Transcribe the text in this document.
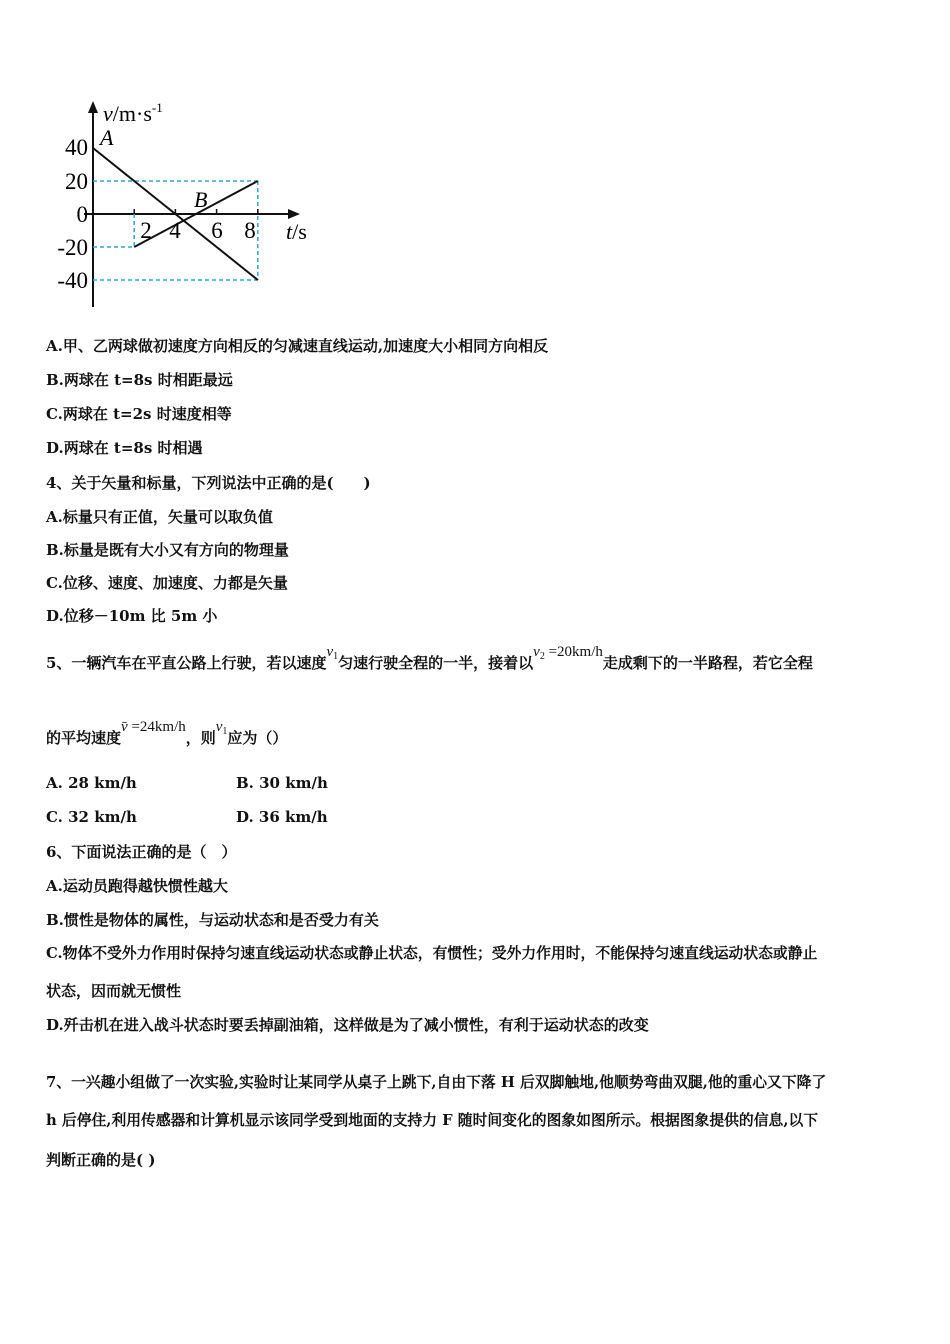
$v/m\cdot s^{-1}$
t/s
40
20
0
-20
-40
2 4 6 8
A
B
A.甲、乙两球做初速度方向相反的匀减速直线运动,加速度大小相同方向相反
B.两球在 t=8s 时相距最远
C.两球在 t=2s 时速度相等
D.两球在 t=8s 时相遇
4、关于矢量和标量，下列说法中正确的是(　　)
A.标量只有正值，矢量可以取负值
B.标量是既有大小又有方向的物理量
C.位移、速度、加速度、力都是矢量
D.位移－10m 比 5m 小
5、一辆汽车在平直公路上行驶，若以速度$v_1$匀速行驶全程的一半，接着以$v_2 =20km/h$走成剩下的一半路程，若它全程
的平均速度v̄ =24km/h，则$v_1$应为（）
A. 28 km/h	B. 30 km/h
C. 32 km/h	D. 36 km/h
6、下面说法正确的是（　）
A.运动员跑得越快惯性越大
B.惯性是物体的属性，与运动状态和是否受力有关
C.物体不受外力作用时保持匀速直线运动状态或静止状态，有惯性；受外力作用时，不能保持匀速直线运动状态或静止
状态，因而就无惯性
D.歼击机在进入战斗状态时要丢掉副油箱，这样做是为了减小惯性，有利于运动状态的改变
7、一兴趣小组做了一次实验,实验时让某同学从桌子上跳下,自由下落 H 后双脚触地,他顺势弯曲双腿,他的重心又下降了
h 后停住,利用传感器和计算机显示该同学受到地面的支持力 F 随时间变化的图象如图所示。根据图象提供的信息,以下
判断正确的是( )
